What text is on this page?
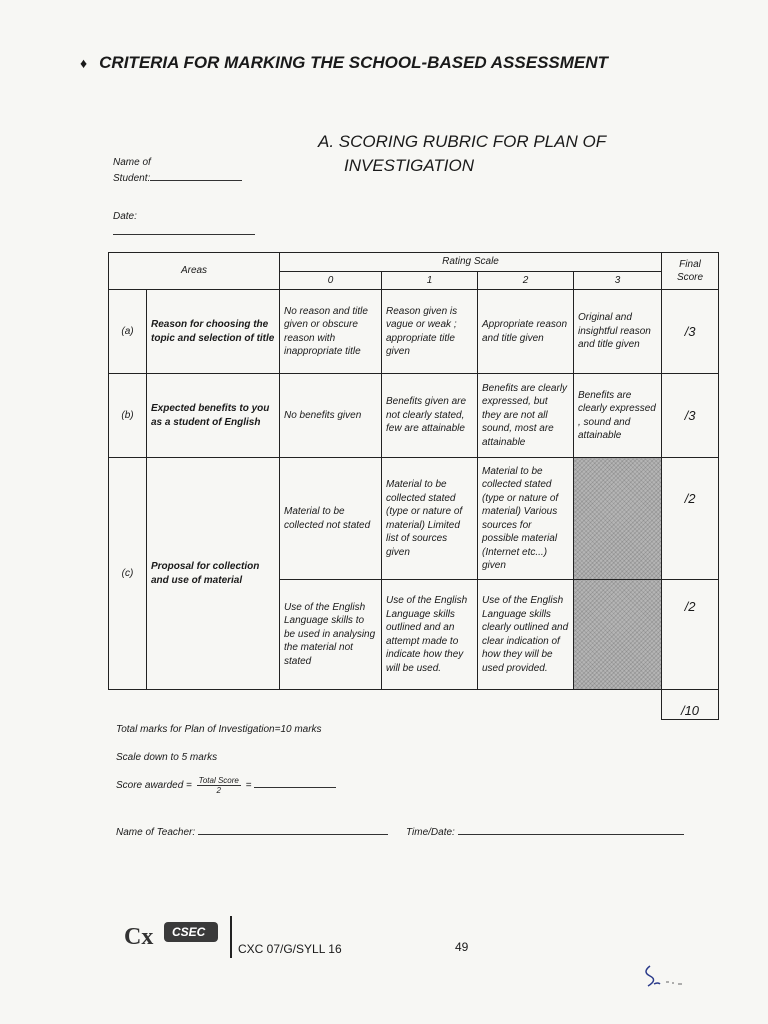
♦ CRITERIA FOR MARKING THE SCHOOL-BASED ASSESSMENT
A. SCORING RUBRIC FOR PLAN OF
INVESTIGATION
Name of
Student:
Date:
Areas		Rating Scale				Final Score
		0	1	2	3	
(a)	Reason for choosing the topic and selection of title	No reason and title given or obscure reason with inappropriate title	Reason given is vague or weak ; appropriate title given	Appropriate reason and title given	Original and insightful reason and title given	/3
(b)	Expected benefits to you as a student of English	No benefits given	Benefits given are not clearly stated, few are attainable	Benefits are clearly expressed, but they are not all sound, most are attainable	Benefits are clearly expressed , sound and attainable	/3
(c)	Proposal for collection and use of material	Material to be collected not stated	Material to be collected stated (type or nature of material) Limited list of sources given	Material to be collected stated (type or nature of material) Various sources for possible material (Internet etc...) given		/2
		Use of the English Language skills to be used in analysing the material not stated	Use of the English Language skills outlined and an attempt made to indicate how they will be used.	Use of the English Language skills clearly outlined and clear indication of how they will be used provided.		/2
						/10
Total marks for Plan of Investigation=10 marks
Scale down to 5 marks
Score awarded = $\frac{\text{Total Score}}{2}$ =
Name of Teacher:	Time/Date:
Cx CSEC
CXC 07/G/SYLL 16	49
